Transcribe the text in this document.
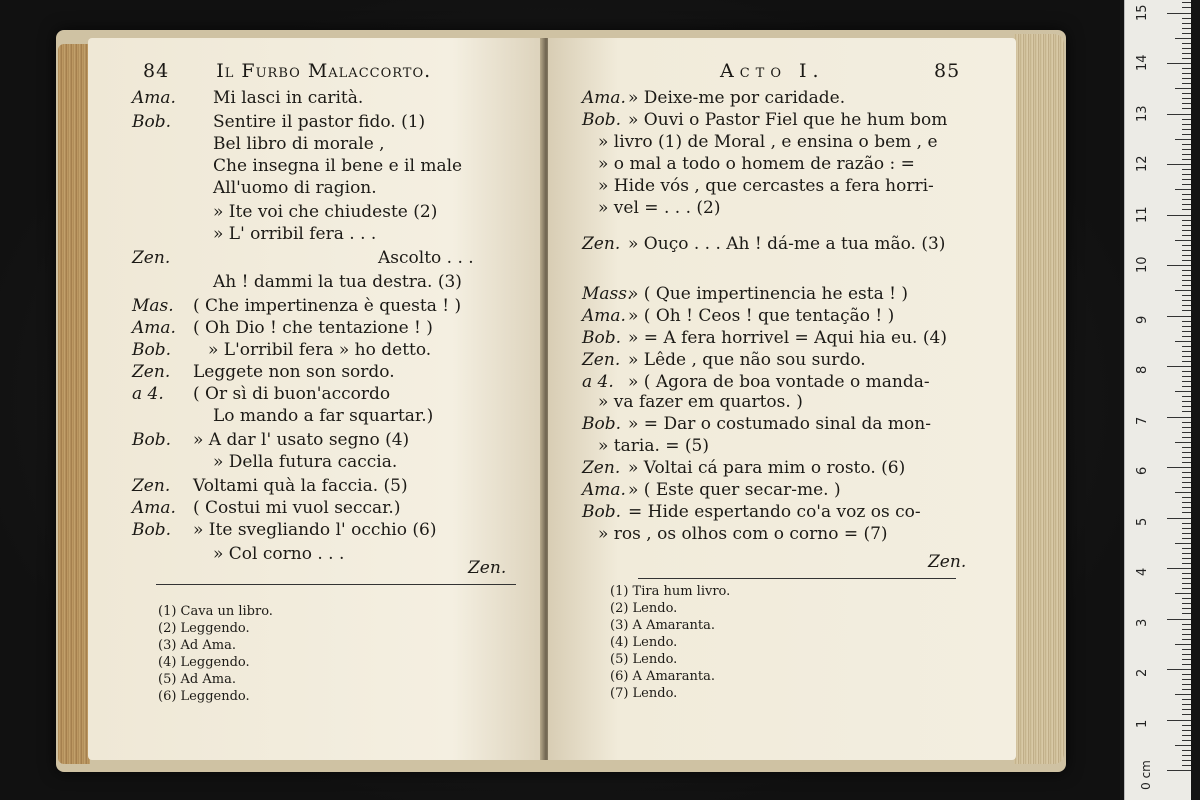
1
2
3
4
5
6
7
8
9
10
11
12
13
14
15
0 cm
84 Il Furbo Malaccorto.
Ama. Mi lasci in carità.
Bob. Sentire il pastor fido. (1)
Bel libro di morale ,
Che insegna il bene e il male
All'uomo di ragion.
» Ite voi che chiudeste (2)
» L' orribil fera . . .
Zen.	Ascolto . . .
Ah ! dammi la tua destra. (3)
Mas. ( Che impertinenza è questa ! )
Ama. ( Oh Dio ! che tentazione ! )
Bob. » L'orribil fera » ho detto.
Zen. Leggete non son sordo.
a 4. ( Or sì di buon'accordo
Lo mando a far squartar.)
Bob. » A dar l' usato segno (4)
» Della futura caccia.
Zen. Voltami quà la faccia. (5)
Ama. ( Costui mi vuol seccar.)
Bob. » Ite svegliando l' occhio (6)
» Col corno . . .
Zen.
(1) Cava un libro.
(2) Leggendo.
(3) Ad Ama.
(4) Leggendo.
(5) Ad Ama.
(6) Leggendo.
Acto I.	85
Ama. » Deixe-me por caridade.
Bob. » Ouvi o Pastor Fiel que he hum bom
» livro (1) de Moral , e ensina o bem , e
» o mal a todo o homem de razão : =
» Hide vós , que cercastes a fera horri-
» vel = . . . (2)
Zen. » Ouço . . . Ah ! dá-me a tua mão. (3)
Mass.
» ( Que impertinencia he esta ! )
Ama. » ( Oh ! Ceos ! que tentação ! )
Bob. » = A fera horrivel = Aqui hia eu. (4)
Zen. » Lêde , que não sou surdo.
a 4. » ( Agora de boa vontade o manda-
» va fazer em quartos. )
Bob. » = Dar o costumado sinal da mon-
» taria. = (5)
Zen. » Voltai cá para mim o rosto. (6)
Ama. » ( Este quer secar-me. )
Bob. = Hide espertando co'a voz os co-
» ros , os olhos com o corno = (7)
Zen.
(1) Tira hum livro.
(2) Lendo.
(3) A Amaranta.
(4) Lendo.
(5) Lendo.
(6) A Amaranta.
(7) Lendo.
